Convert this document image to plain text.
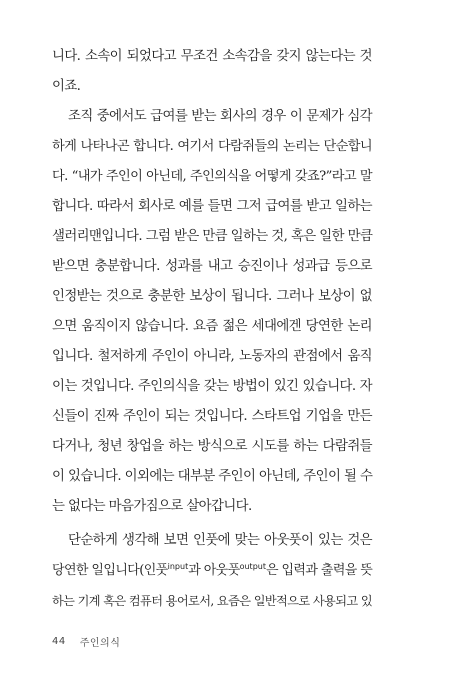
니다. 소속이 되었다고 무조건 소속감을 갖지 않는다는 것
이죠.
조직 중에서도 급여를 받는 회사의 경우 이 문제가 심각
하게 나타나곤 합니다. 여기서 다람쥐들의 논리는 단순합니
다. “내가 주인이 아닌데, 주인의식을 어떻게 갖죠?”라고 말
합니다. 따라서 회사로 예를 들면 그저 급여를 받고 일하는
샐러리맨입니다. 그럼 받은 만큼 일하는 것, 혹은 일한 만큼
받으면 충분합니다. 성과를 내고 승진이나 성과급 등으로
인정받는 것으로 충분한 보상이 됩니다. 그러나 보상이 없
으면 움직이지 않습니다. 요즘 젊은 세대에겐 당연한 논리
입니다. 철저하게 주인이 아니라, 노동자의 관점에서 움직
이는 것입니다. 주인의식을 갖는 방법이 있긴 있습니다. 자
신들이 진짜 주인이 되는 것입니다. 스타트업 기업을 만든
다거나, 청년 창업을 하는 방식으로 시도를 하는 다람쥐들
이 있습니다. 이외에는 대부분 주인이 아닌데, 주인이 될 수
는 없다는 마음가짐으로 살아갑니다.
단순하게 생각해 보면 인풋에 맞는 아웃풋이 있는 것은
당연한 일입니다(인풋$^{input}$과 아웃풋$^{output}$은 입력과 출력을 뜻
하는 기계 혹은 컴퓨터 용어로서, 요즘은 일반적으로 사용되고 있
44 주인의식
